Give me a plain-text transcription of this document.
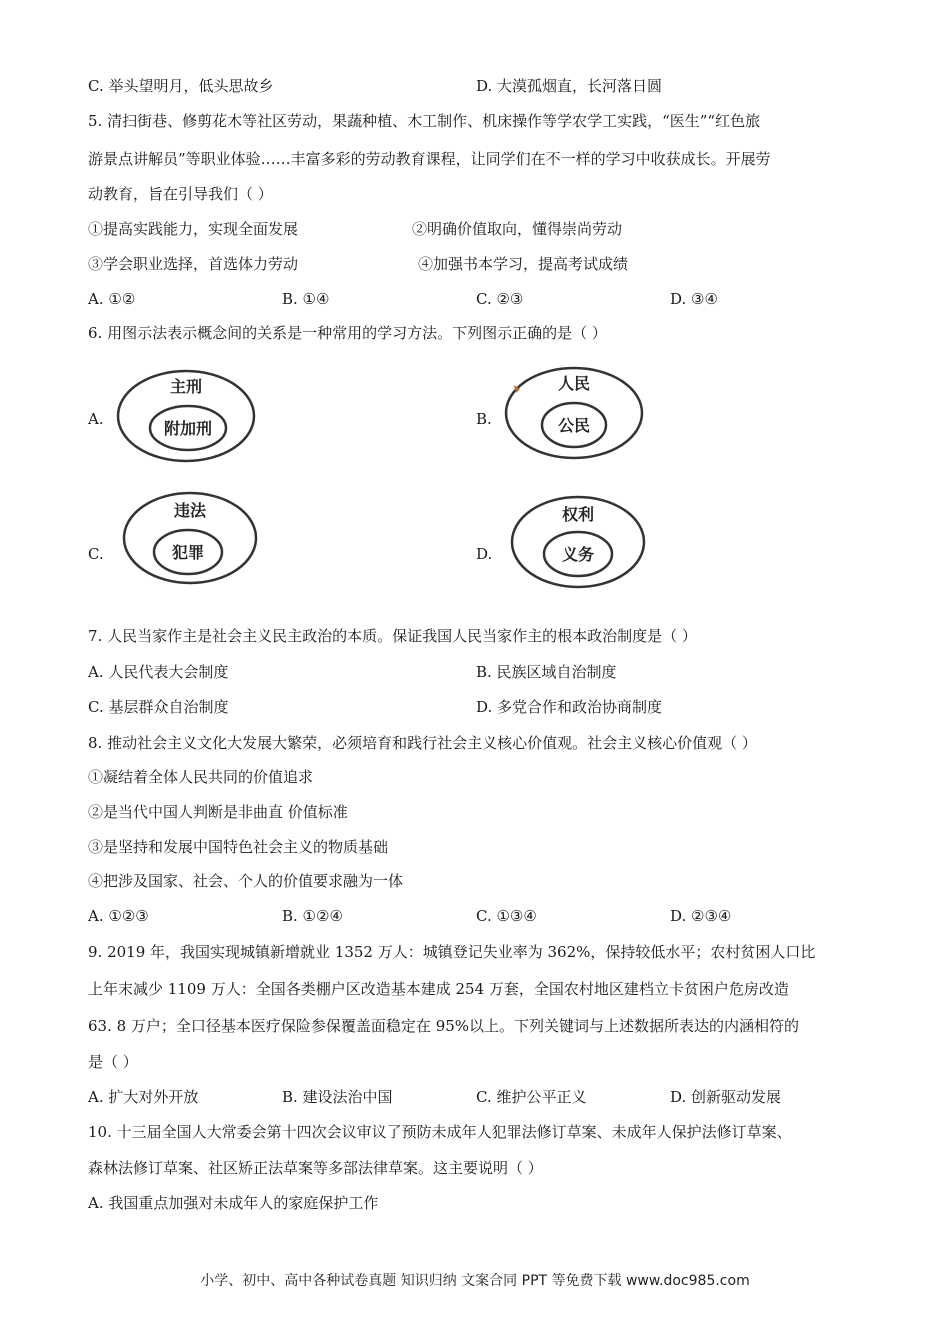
C. 举头望明月，低头思故乡	D. 大漠孤烟直，长河落日圆
5. 清扫街巷、修剪花木等社区劳动，果蔬种植、木工制作、机床操作等学农学工实践，“医生”“红色旅
游景点讲解员”等职业体验……丰富多彩的劳动教育课程，让同学们在不一样的学习中收获成长。开展劳
动教育，旨在引导我们（ ）
①提高实践能力，实现全面发展	②明确价值取向，懂得崇尚劳动
③学会职业选择，首选体力劳动	④加强书本学习，提高考试成绩
A. ①②	B. ①④	C. ②③	D. ③④
6. 用图示法表示概念间的关系是一种常用的学习方法。下列图示正确的是（ ）
A.
主刑
附加刑	B.
人民
公民
C.
违法
犯罪	D.
权利
义务
7. 人民当家作主是社会主义民主政治的本质。保证我国人民当家作主的根本政治制度是（ ）
A. 人民代表大会制度	B. 民族区域自治制度
C. 基层群众自治制度	D. 多党合作和政治协商制度
8. 推动社会主义文化大发展大繁荣，必须培育和践行社会主义核心价值观。社会主义核心价值观（ ）
①凝结着全体人民共同的价值追求
②是当代中国人判断是非曲直 价值标准
③是坚持和发展中国特色社会主义的物质基础
④把涉及国家、社会、个人的价值要求融为一体
A. ①②③	B. ①②④	C. ①③④	D. ②③④
9. 2019 年，我国实现城镇新增就业 1352 万人：城镇登记失业率为 362%，保持较低水平；农村贫困人口比
上年末减少 1109 万人：全国各类棚户区改造基本建成 254 万套，全国农村地区建档立卡贫困户危房改造
63. 8 万户；全口径基本医疗保险参保覆盖面稳定在 95%以上。下列关键词与上述数据所表达的内涵相符的
是（ ）
A. 扩大对外开放	B. 建设法治中国	C. 维护公平正义	D. 创新驱动发展
10. 十三届全国人大常委会第十四次会议审议了预防未成年人犯罪法修订草案、未成年人保护法修订草案、
森林法修订草案、社区矫正法草案等多部法律草案。这主要说明（ ）
A. 我国重点加强对未成年人的家庭保护工作
小学、初中、高中各种试卷真题 知识归纳 文案合同 PPT 等免费下载 www.doc985.com
